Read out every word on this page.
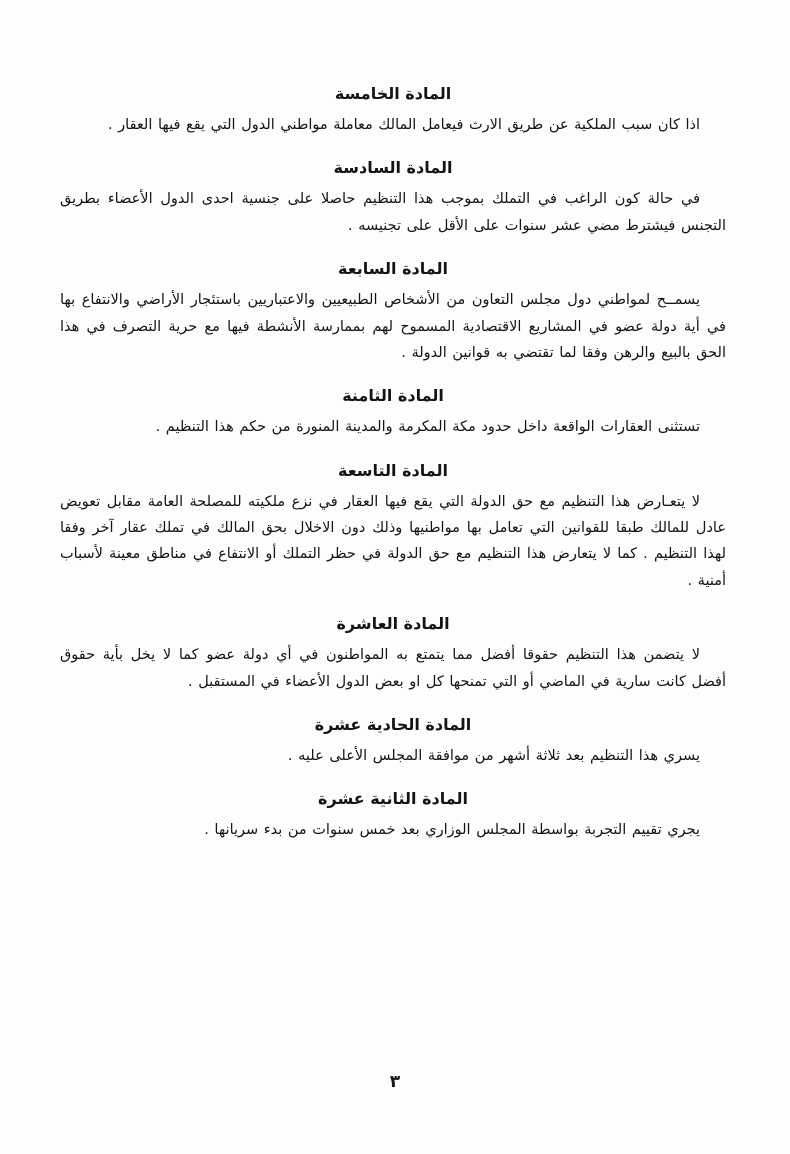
المادة الخامسة

اذا كان سبب الملكية عن طريق الارث فيعامل المالك معاملة مواطني الدول التي يقع فيها العقار .

المادة السادسة

في حالة كون الراغب في التملك بموجب هذا التنظيم حاصلا على جنسية احدى الدول الأعضاء بطريق التجنس فيشترط مضي عشر سنوات على الأقل على تجنيسه .

المادة السابعة

يسمــح لمواطني دول مجلس التعاون من الأشخاص الطبيعيين والاعتباريين باستئجار الأراضي والانتفاع بها في أية دولة عضو في المشاريع الاقتصادية المسموح لهم بممارسة الأنشطة فيها مع حرية التصرف في هذا الحق بالبيع والرهن وفقا لما تقتضي به قوانين الدولة .

المادة الثامنة

تستثنى العقارات الواقعة داخل حدود مكة المكرمة والمدينة المنورة من حكم هذا التنظيم .

المادة التاسعة

لا يتعـارض هذا التنظيم مع حق الدولة التي يقع فيها العقار في نزع ملكيته للمصلحة العامة مقابل تعويض عادل للمالك طبقا للقوانين التي تعامل بها مواطنيها وذلك دون الاخلال بحق المالك في تملك عقار آخر وفقا لهذا التنظيم . كما لا يتعارض هذا التنظيم مع حق الدولة في حظر التملك أو الانتفاع في مناطق معينة لأسباب أمنية .

المادة العاشرة

لا يتضمن هذا التنظيم حقوقا أفضل مما يتمتع به المواطنون في أي دولة عضو كما لا يخل بأية حقوق أفضل كانت سارية في الماضي أو التي تمنحها كل او بعض الدول الأعضاء في المستقبل .

المادة الحادية عشرة

يسري هذا التنظيم بعد ثلاثة أشهر من موافقة المجلس الأعلى عليه .

المادة الثانية عشرة

يجري تقييم التجربة بواسطة المجلس الوزاري بعد خمس سنوات من بدء سريانها .

٣
